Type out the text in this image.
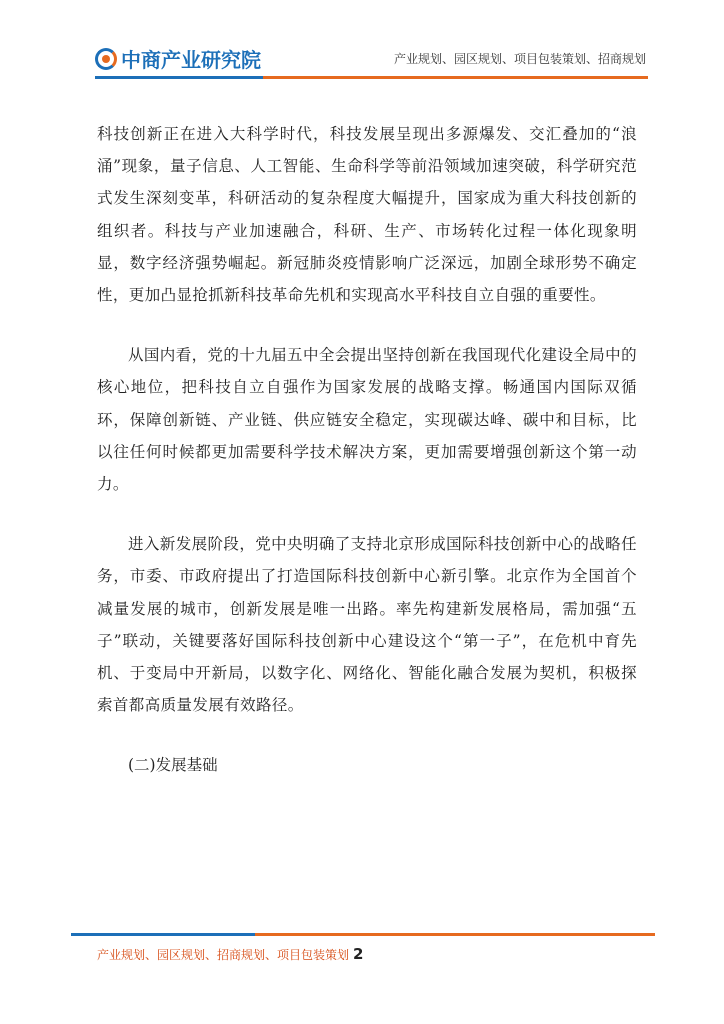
中商产业研究院	产业规划、园区规划、项目包装策划、招商规划

科技创新正在进入大科学时代，科技发展呈现出多源爆发、交汇叠加的“浪涌”现象，量子信息、人工智能、生命科学等前沿领域加速突破，科学研究范式发生深刻变革，科研活动的复杂程度大幅提升，国家成为重大科技创新的组织者。科技与产业加速融合，科研、生产、市场转化过程一体化现象明显，数字经济强势崛起。新冠肺炎疫情影响广泛深远，加剧全球形势不确定性，更加凸显抢抓新科技革命先机和实现高水平科技自立自强的重要性。

从国内看，党的十九届五中全会提出坚持创新在我国现代化建设全局中的核心地位，把科技自立自强作为国家发展的战略支撑。畅通国内国际双循环，保障创新链、产业链、供应链安全稳定，实现碳达峰、碳中和目标，比以往任何时候都更加需要科学技术解决方案，更加需要增强创新这个第一动力。

进入新发展阶段，党中央明确了支持北京形成国际科技创新中心的战略任务，市委、市政府提出了打造国际科技创新中心新引擎。北京作为全国首个减量发展的城市，创新发展是唯一出路。率先构建新发展格局，需加强“五子”联动，关键要落好国际科技创新中心建设这个“第一子”，在危机中育先机、于变局中开新局，以数字化、网络化、智能化融合发展为契机，积极探索首都高质量发展有效路径。

(二)发展基础

产业规划、园区规划、招商规划、项目包装策划 2
